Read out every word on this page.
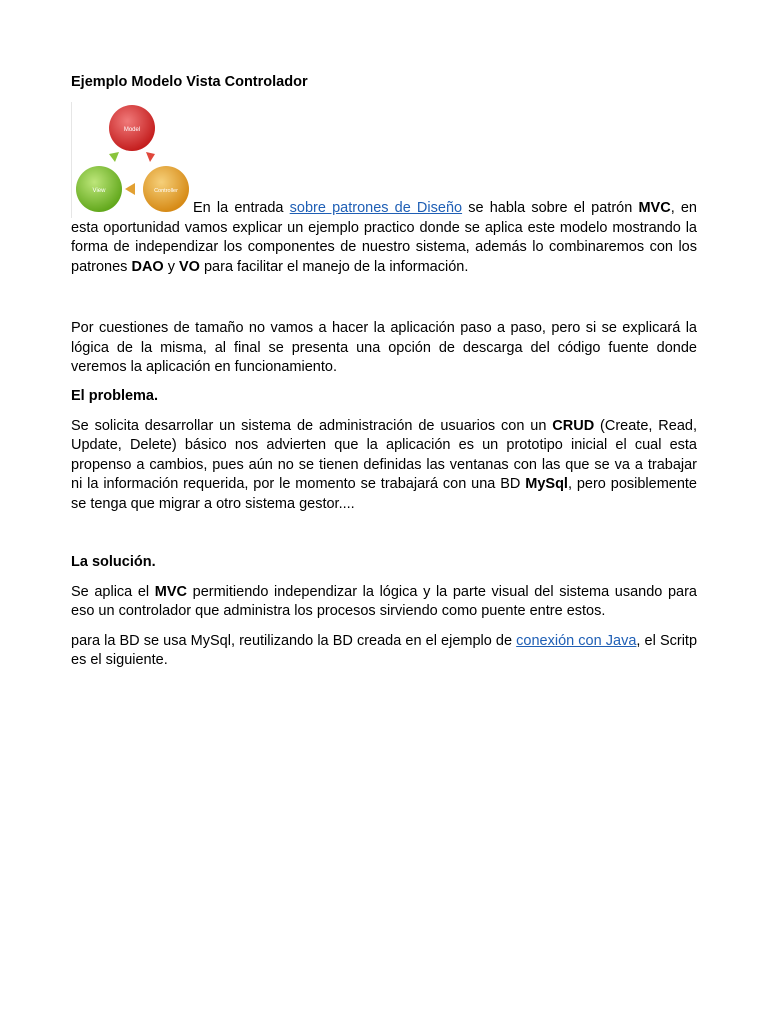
Ejemplo Modelo Vista Controlador
Model
View	Controller
En la entrada sobre patrones de Diseño se habla sobre el patrón MVC, en esta oportunidad vamos explicar un ejemplo practico donde se aplica este modelo mostrando la forma de independizar los componentes de nuestro sistema, además lo combinaremos con los patrones DAO y VO para facilitar el manejo de la información.

Por cuestiones de tamaño no vamos a hacer la aplicación paso a paso, pero si se explicará la lógica de la misma, al final se presenta una opción de descarga del código fuente donde veremos la aplicación en funcionamiento.

El problema.

Se solicita desarrollar un sistema de administración de usuarios con un CRUD (Create, Read, Update, Delete) básico nos advierten que la aplicación es un prototipo inicial el cual esta propenso a cambios, pues aún no se tienen definidas las ventanas con las que se va a trabajar ni la información requerida, por le momento se trabajará con una BD MySql, pero posiblemente se tenga que migrar a otro sistema gestor....

La solución.

Se aplica el MVC permitiendo independizar la lógica y la parte visual del sistema usando para eso un controlador que administra los procesos sirviendo como puente entre estos.

para la BD se usa MySql, reutilizando la BD creada en el ejemplo de conexión con Java, el Scritp es el siguiente.
